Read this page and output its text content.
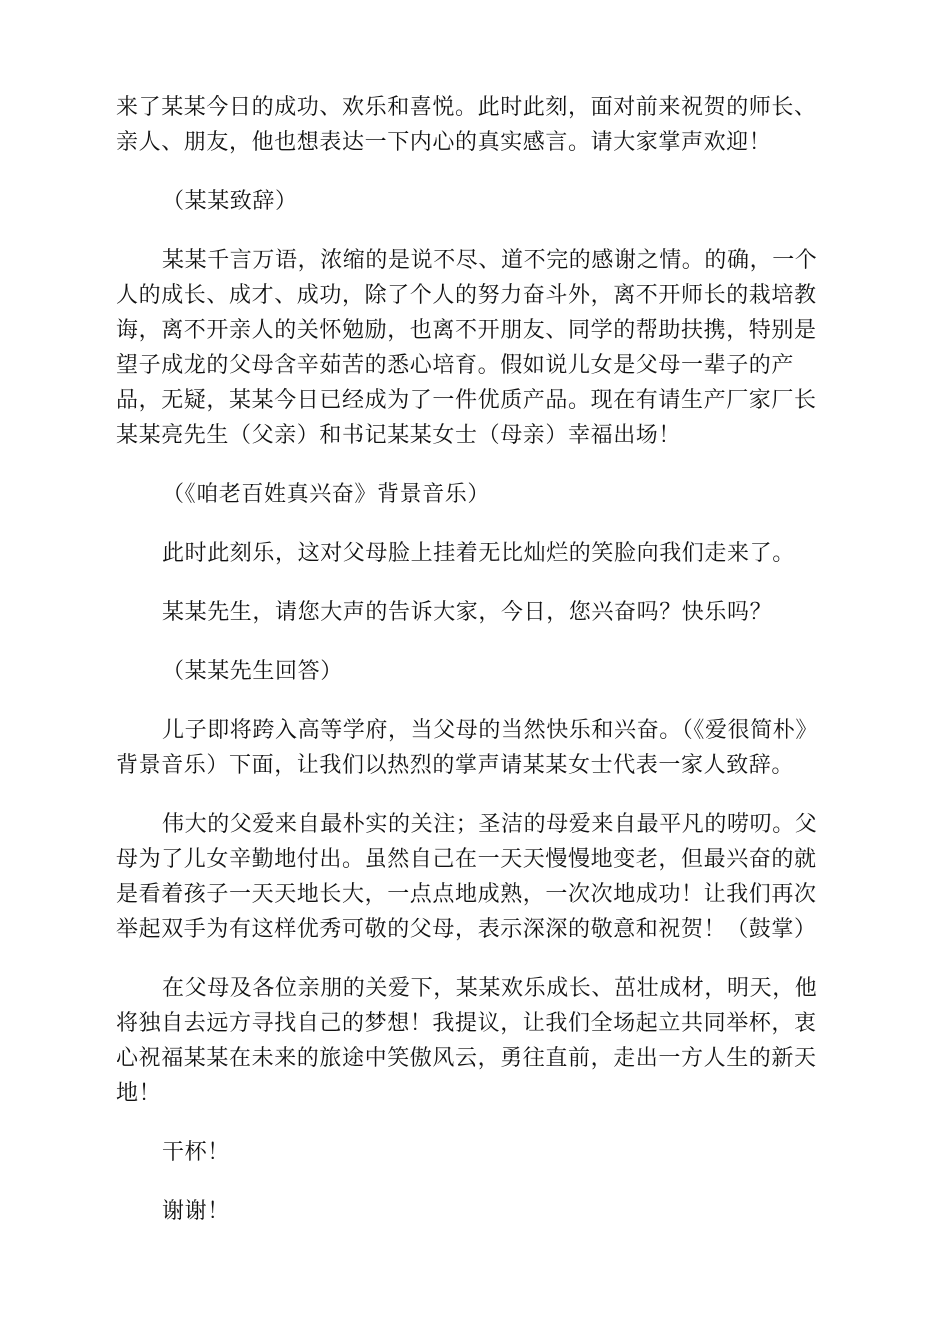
来了某某今日的成功、欢乐和喜悦。此时此刻，面对前来祝贺的师长、亲人、朋友，他也想表达一下内心的真实感言。请大家掌声欢迎！

（某某致辞）

某某千言万语，浓缩的是说不尽、道不完的感谢之情。的确，一个人的成长、成才、成功，除了个人的努力奋斗外，离不开师长的栽培教诲，离不开亲人的关怀勉励，也离不开朋友、同学的帮助扶携，特别是望子成龙的父母含辛茹苦的悉心培育。假如说儿女是父母一辈子的产品，无疑，某某今日已经成为了一件优质产品。现在有请生产厂家厂长某某亮先生（父亲）和书记某某女士（母亲）幸福出场！

（《咱老百姓真兴奋》背景音乐）

此时此刻乐，这对父母脸上挂着无比灿烂的笑脸向我们走来了。

某某先生，请您大声的告诉大家，今日，您兴奋吗？快乐吗？

（某某先生回答）

儿子即将跨入高等学府，当父母的当然快乐和兴奋。（《爱很简朴》背景音乐）下面，让我们以热烈的掌声请某某女士代表一家人致辞。

伟大的父爱来自最朴实的关注；圣洁的母爱来自最平凡的唠叨。父母为了儿女辛勤地付出。虽然自己在一天天慢慢地变老，但最兴奋的就是看着孩子一天天地长大，一点点地成熟，一次次地成功！让我们再次举起双手为有这样优秀可敬的父母，表示深深的敬意和祝贺！（鼓掌）

在父母及各位亲朋的关爱下，某某欢乐成长、茁壮成材，明天，他将独自去远方寻找自己的梦想！我提议，让我们全场起立共同举杯，衷心祝福某某在未来的旅途中笑傲风云，勇往直前，走出一方人生的新天地！

干杯！

谢谢！
